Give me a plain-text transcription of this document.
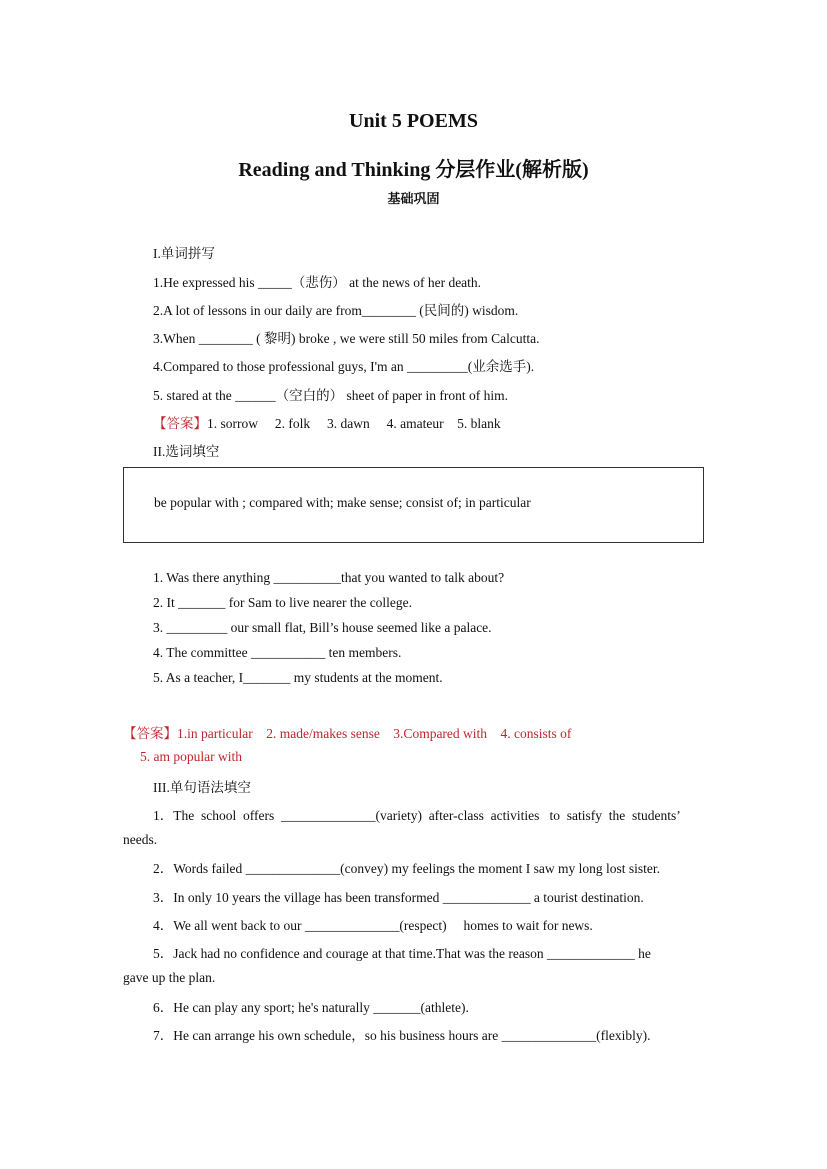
Unit 5 POEMS
Reading and Thinking 分层作业(解析版)
基础巩固
I.单词拼写
1.He expressed his _____（悲伤） at the news of her death.
2.A lot of lessons in our daily are from________ (民间的) wisdom.
3.When ________ ( 黎明) broke , we were still 50 miles from Calcutta.
4.Compared to those professional guys, I'm an _________(业余选手).
5. stared at the ______（空白的） sheet of paper in front of him.
【答案】1. sorrow     2. folk     3. dawn     4. amateur    5. blank
II.选词填空
be popular with ; compared with; make sense; consist of; in particular
1. Was there anything __________that you wanted to talk about?
2. It _______ for Sam to live nearer the college.
3. _________ our small flat, Bill’s house seemed like a palace.
4. The committee ___________ ten members.
5. As a teacher, I_______ my students at the moment.
【答案】1.in particular    2. made/makes sense    3.Compared with    4. consists of
5. am popular with
III.单句语法填空
1．The  school  offers  ______________(variety)  after-class  activities   to  satisfy  the  students’
needs.
2．Words failed ______________(convey) my feelings the moment I saw my long lost sister.
3．In only 10 years the village has been transformed _____________ a tourist destination.
4．We all went back to our ______________(respect)     homes to wait for news.
5．Jack had no confidence and courage at that time.That was the reason _____________ he
gave up the plan.
6．He can play any sport; he's naturally _______(athlete).
7．He can arrange his own schedule，so his business hours are ______________(flexibly).
